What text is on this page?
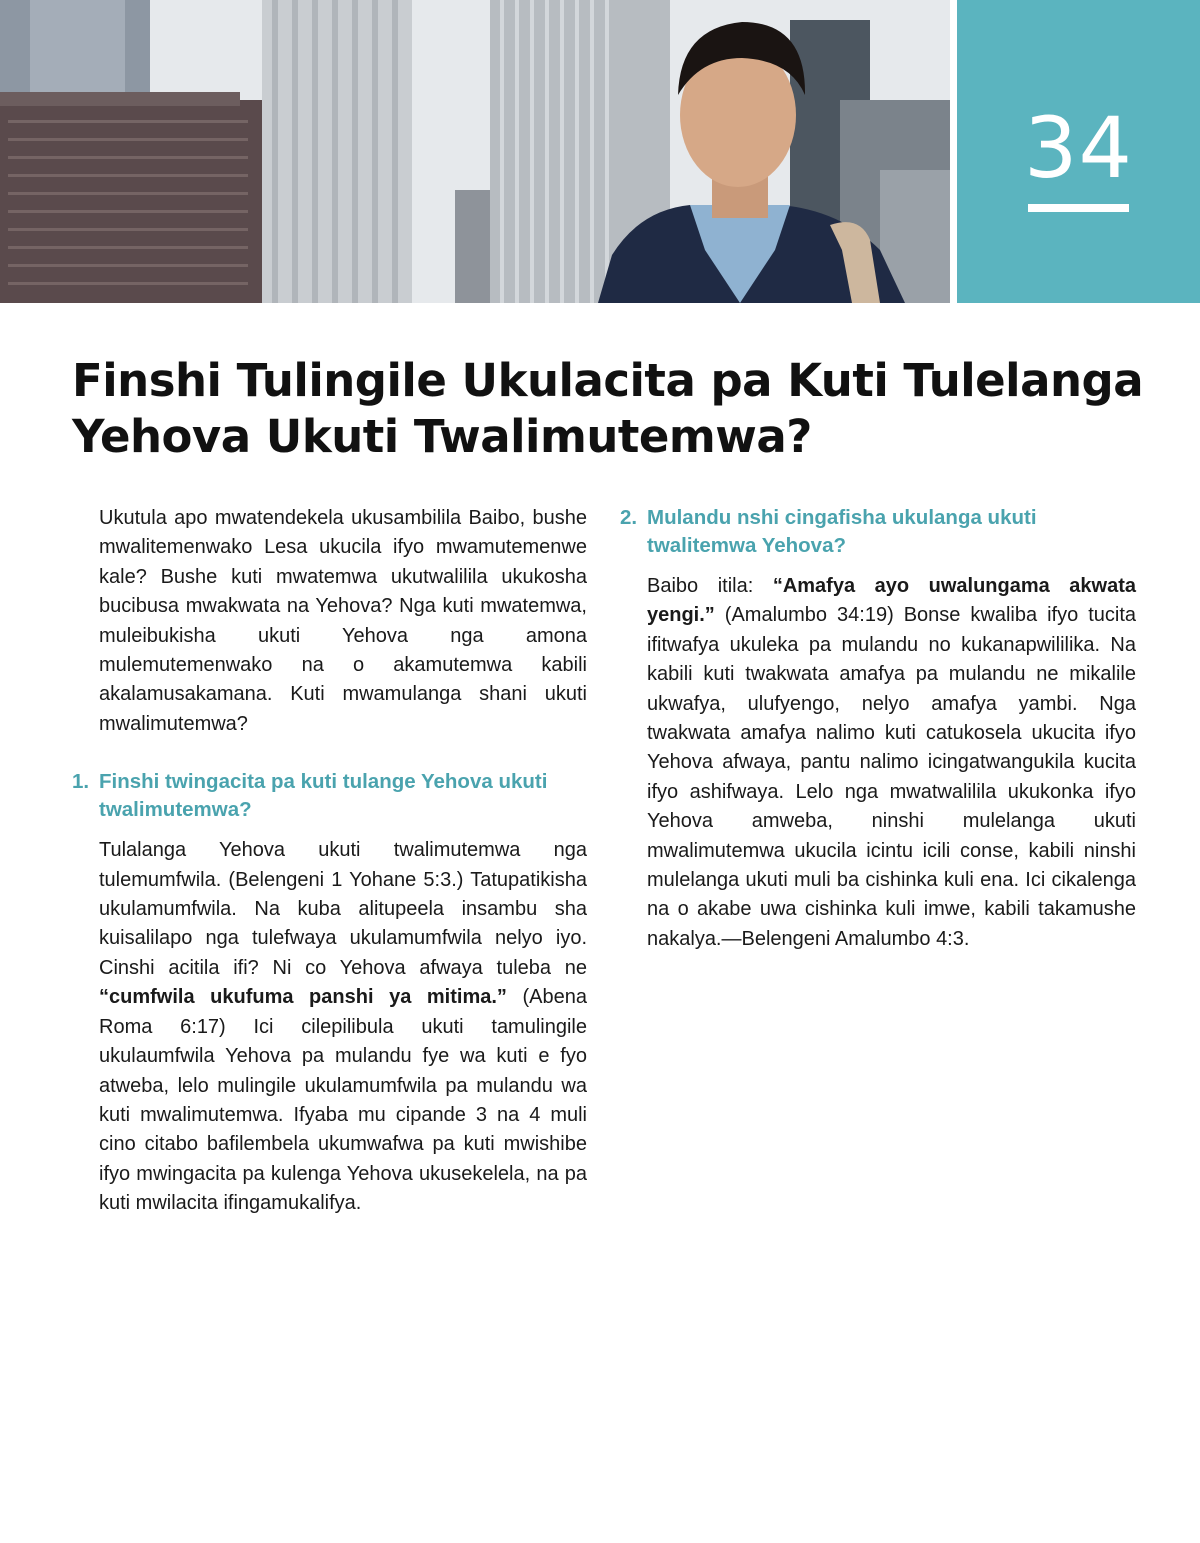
34
Finshi Tulingile Ukulacita pa Kuti Tulelanga Yehova Ukuti Twalimutemwa?

Ukutula apo mwatendekela ukusambilila Baibo, bushe mwalitemenwako Lesa ukucila ifyo mwamutemenwe kale? Bushe kuti mwatemwa ukutwalilila ukukosha bucibusa mwakwata na Yehova? Nga kuti mwatemwa, muleibukisha ukuti Yehova nga amona mulemutemenwako na o akamutemwa kabili akalamusakamana. Kuti mwamulanga shani ukuti mwalimutemwa?

1. Finshi twingacita pa kuti tulange Yehova ukuti twalimutemwa?

Tulalanga Yehova ukuti twalimutemwa nga tulemumfwila. (Belengeni 1 Yohane 5:3.) Tatupatikisha ukulamumfwila. Na kuba alitupeela insambu sha kuisalilapo nga tulefwaya ukulamumfwila nelyo iyo. Cinshi acitila ifi? Ni co Yehova afwaya tuleba ne “cumfwila ukufuma panshi ya mitima.” (Abena Roma 6:17) Ici cilepilibula ukuti tamulingile ukulaumfwila Yehova pa mulandu fye wa kuti e fyo atweba, lelo mulingile ukulamumfwila pa mulandu wa kuti mwalimutemwa. Ifyaba mu cipande 3 na 4 muli cino citabo bafilembela ukumwafwa pa kuti mwishibe ifyo mwingacita pa kulenga Yehova ukusekelela, na pa kuti mwilacita ifingamukalifya.

2. Mulandu nshi cingafisha ukulanga ukuti twalitemwa Yehova?

Baibo itila: “Amafya ayo uwalungama akwata yengi.” (Amalumbo 34:19) Bonse kwaliba ifyo tucita ifitwafya ukuleka pa mulandu no kukanapwililika. Na kabili kuti twakwata amafya pa mulandu ne mikalile ukwafya, ulufyengo, nelyo amafya yambi. Nga twakwata amafya nalimo kuti catukosela ukucita ifyo Yehova afwaya, pantu nalimo icingatwangukila kucita ifyo ashifwaya. Lelo nga mwatwalilila ukukonka ifyo Yehova amweba, ninshi mulelanga ukuti mwalimutemwa ukucila icintu icili conse, kabili ninshi mulelanga ukuti muli ba cishinka kuli ena. Ici cikalenga na o akabe uwa cishinka kuli imwe, kabili takamushe nakalya.—Belengeni Amalumbo 4:3.
